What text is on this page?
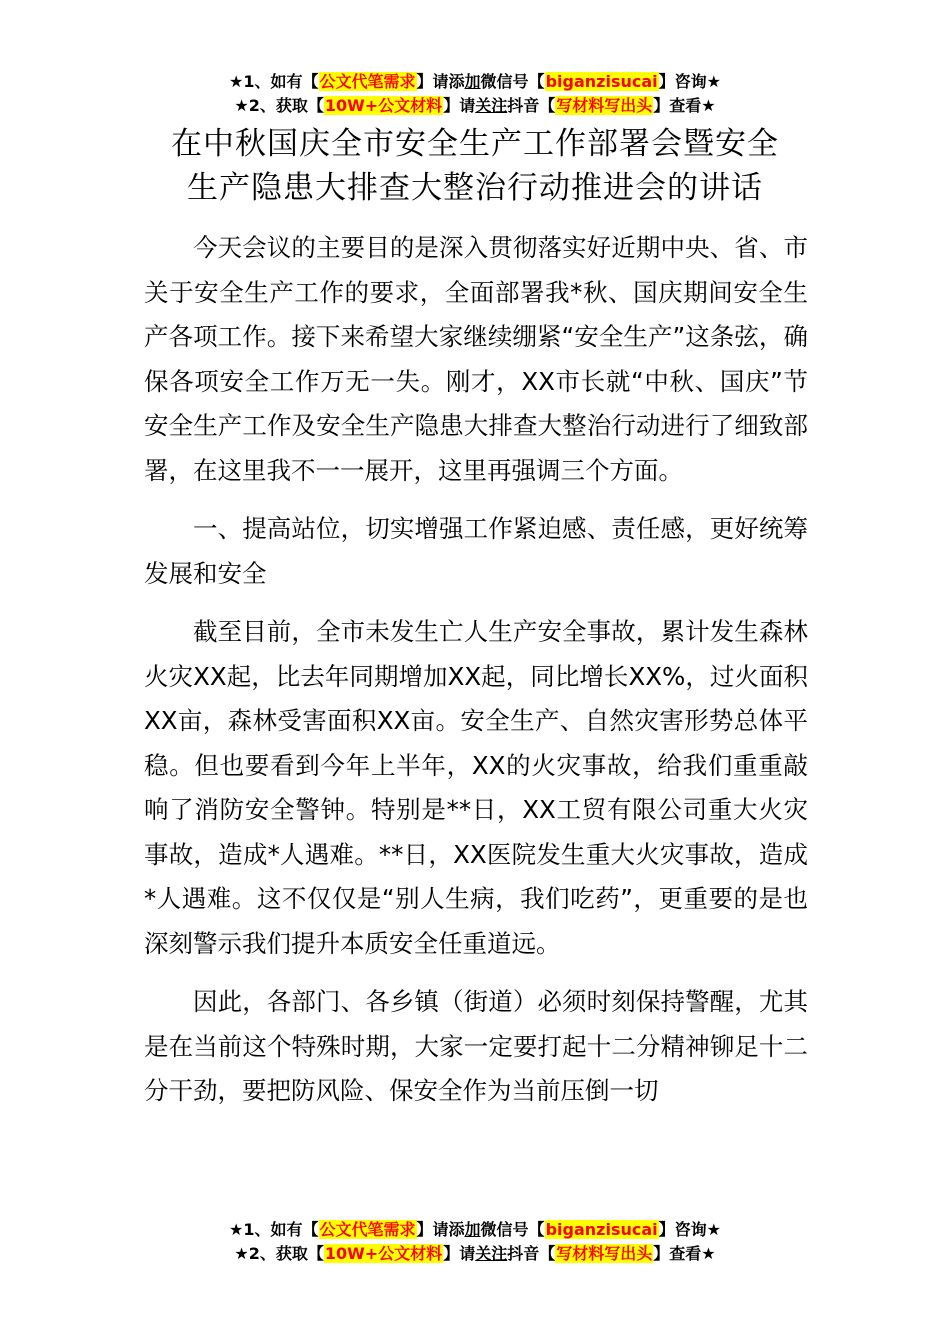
★1、如有【公文代笔需求】请添加微信号【biganzisucai】咨询★
★2、获取【10W+公文材料】请关注抖音【写材料写出头】查看★
在中秋国庆全市安全生产工作部署会暨安全
生产隐患大排查大整治行动推进会的讲话

今天会议的主要目的是深入贯彻落实好近期中央、省、市关于安全生产工作的要求，全面部署我*秋、国庆期间安全生产各项工作。接下来希望大家继续绷紧“安全生产”这条弦，确保各项安全工作万无一失。刚才，XX市长就“中秋、国庆”节安全生产工作及安全生产隐患大排查大整治行动进行了细致部署，在这里我不一一展开，这里再强调三个方面。

一、提高站位，切实增强工作紧迫感、责任感，更好统筹发展和安全

截至目前，全市未发生亡人生产安全事故，累计发生森林火灾XX起，比去年同期增加XX起，同比增长XX%，过火面积XX亩，森林受害面积XX亩。安全生产、自然灾害形势总体平稳。但也要看到今年上半年，XX的火灾事故，给我们重重敲响了消防安全警钟。特别是**日，XX工贸有限公司重大火灾事故，造成*人遇难。**日，XX医院发生重大火灾事故，造成*人遇难。这不仅仅是“别人生病，我们吃药”，更重要的是也深刻警示我们提升本质安全任重道远。

因此，各部门、各乡镇（街道）必须时刻保持警醒，尤其是在当前这个特殊时期，大家一定要打起十二分精神铆足十二分干劲，要把防风险、保安全作为当前压倒一切

★1、如有【公文代笔需求】请添加微信号【biganzisucai】咨询★
★2、获取【10W+公文材料】请关注抖音【写材料写出头】查看★
